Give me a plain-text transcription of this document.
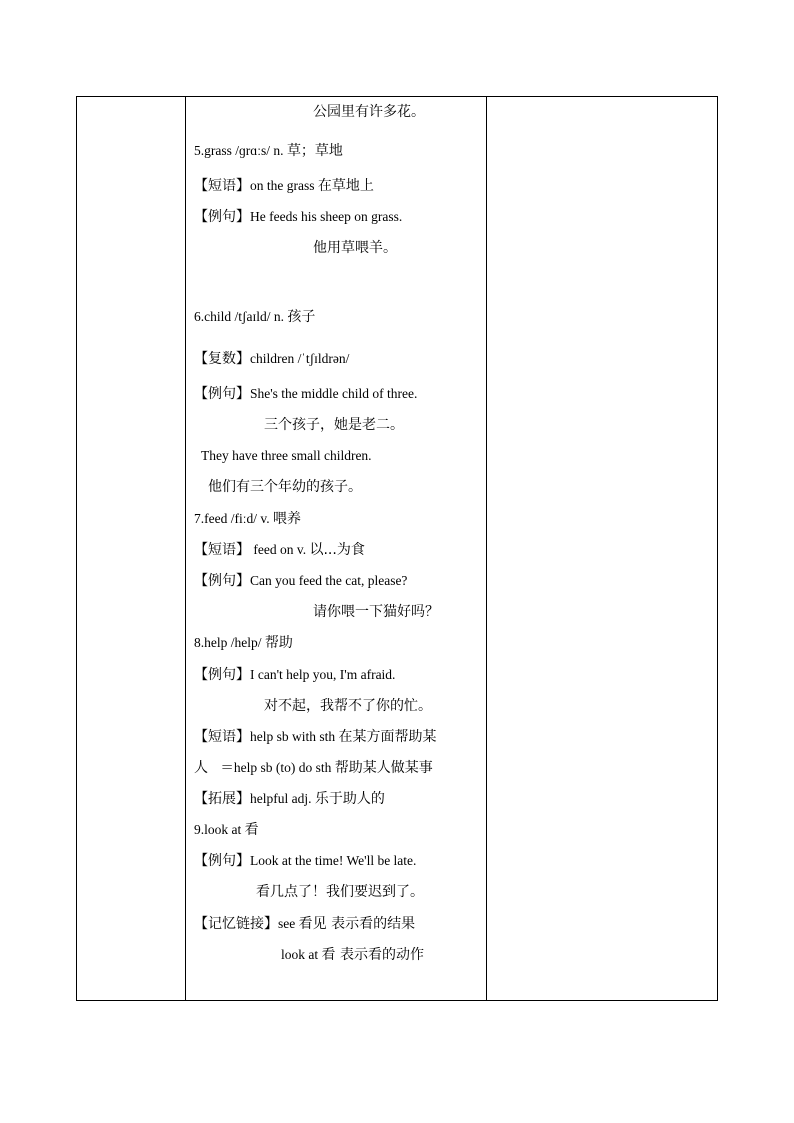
公园里有许多花。
5.grass /ɡrɑːs/ n. 草；草地
【短语】on the grass 在草地上
【例句】He feeds his sheep on grass.
他用草喂羊。
6.child /tʃaɪld/ n. 孩子
【复数】children /ˈtʃɪldrən/
【例句】She's the middle child of three.
三个孩子，她是老二。
They have three small children.
他们有三个年幼的孩子。
7.feed /fiːd/ v. 喂养
【短语】 feed on v. 以...为食
【例句】Can you feed the cat, please?
请你喂一下猫好吗？
8.help /help/ 帮助
【例句】I can't help you, I'm afraid.
对不起，我帮不了你的忙。
【短语】help sb with sth 在某方面帮助某
人 ＝help sb (to) do sth 帮助某人做某事
【拓展】helpful adj. 乐于助人的
9.look at 看
【例句】Look at the time! We'll be late.
看几点了！我们要迟到了。
【记忆链接】see 看见 表示看的结果
look at 看 表示看的动作
